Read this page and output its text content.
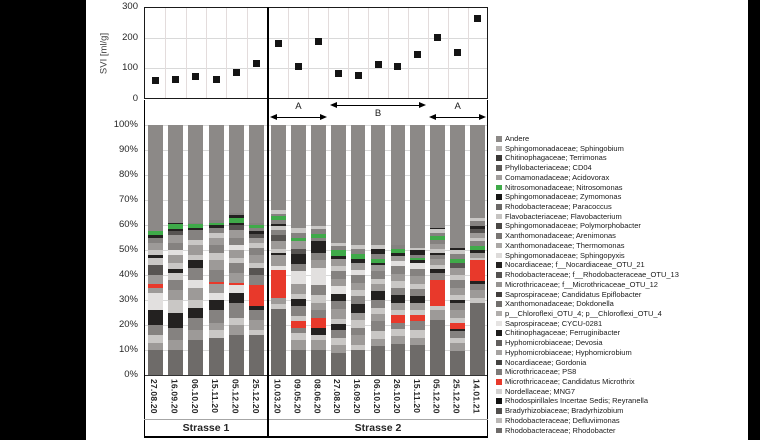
SVI [ml/g]
0
100
200
300
A
B
A
0%
10%
20%
30%
40%
50%
60%
70%
80%
90%
100%
27.08.20 16.09.20 06.10.20 15.11.20 05.12.20 25.12.20 10.03.20 09.05.20 08.06.20 27.08.20 16.09.20 06.10.20 26.10.20 15.11.20 05.12.20 25.12.20 14.01.21
Strasse 1	Strasse 2
Andere
Sphingomonadaceae; Sphingobium
Chitinophagaceae; Terrimonas
Phyllobacteriaceae; CD04
Comamonadaceae; Acidovorax
Nitrosomonadaceae; Nitrosomonas
Sphingomonadaceae; Zymomonas
Rhodobacteraceae; Paracoccus
Flavobacteriaceae; Flavobacterium
Sphingomonadaceae; Polymorphobacter
Xanthomonadaceae; Arenimonas
Xanthomonadaceae; Thermomonas
Sphingomonadaceae; Sphingopyxis
Nocardiaceae; f__Nocardiaceae_OTU_21
Rhodobacteraceae; f__Rhodobacteraceae_OTU_13
Microthricaceae; f__Microthricaceae_OTU_12
Saprospiraceae; Candidatus Epiflobacter
Xanthomonadaceae; Dokdonella
p__Chloroflexi_OTU_4; p__Chloroflexi_OTU_4
Saprospiraceae; CYCU-0281
Chitinophagaceae; Ferruginibacter
Hyphomicrobiaceae; Devosia
Hyphomicrobiaceae; Hyphomicrobium
Nocardiaceae; Gordonia
Microthricaceae; PS8
Microthricaceae; Candidatus Microthrix
Nordellaceae; MNG7
Rhodospirillales Incertae Sedis; Reyranella
Bradyrhizobiaceae; Bradyrhizobium
Rhodobacteraceae; Defluviimonas
Rhodobacteraceae; Rhodobacter
